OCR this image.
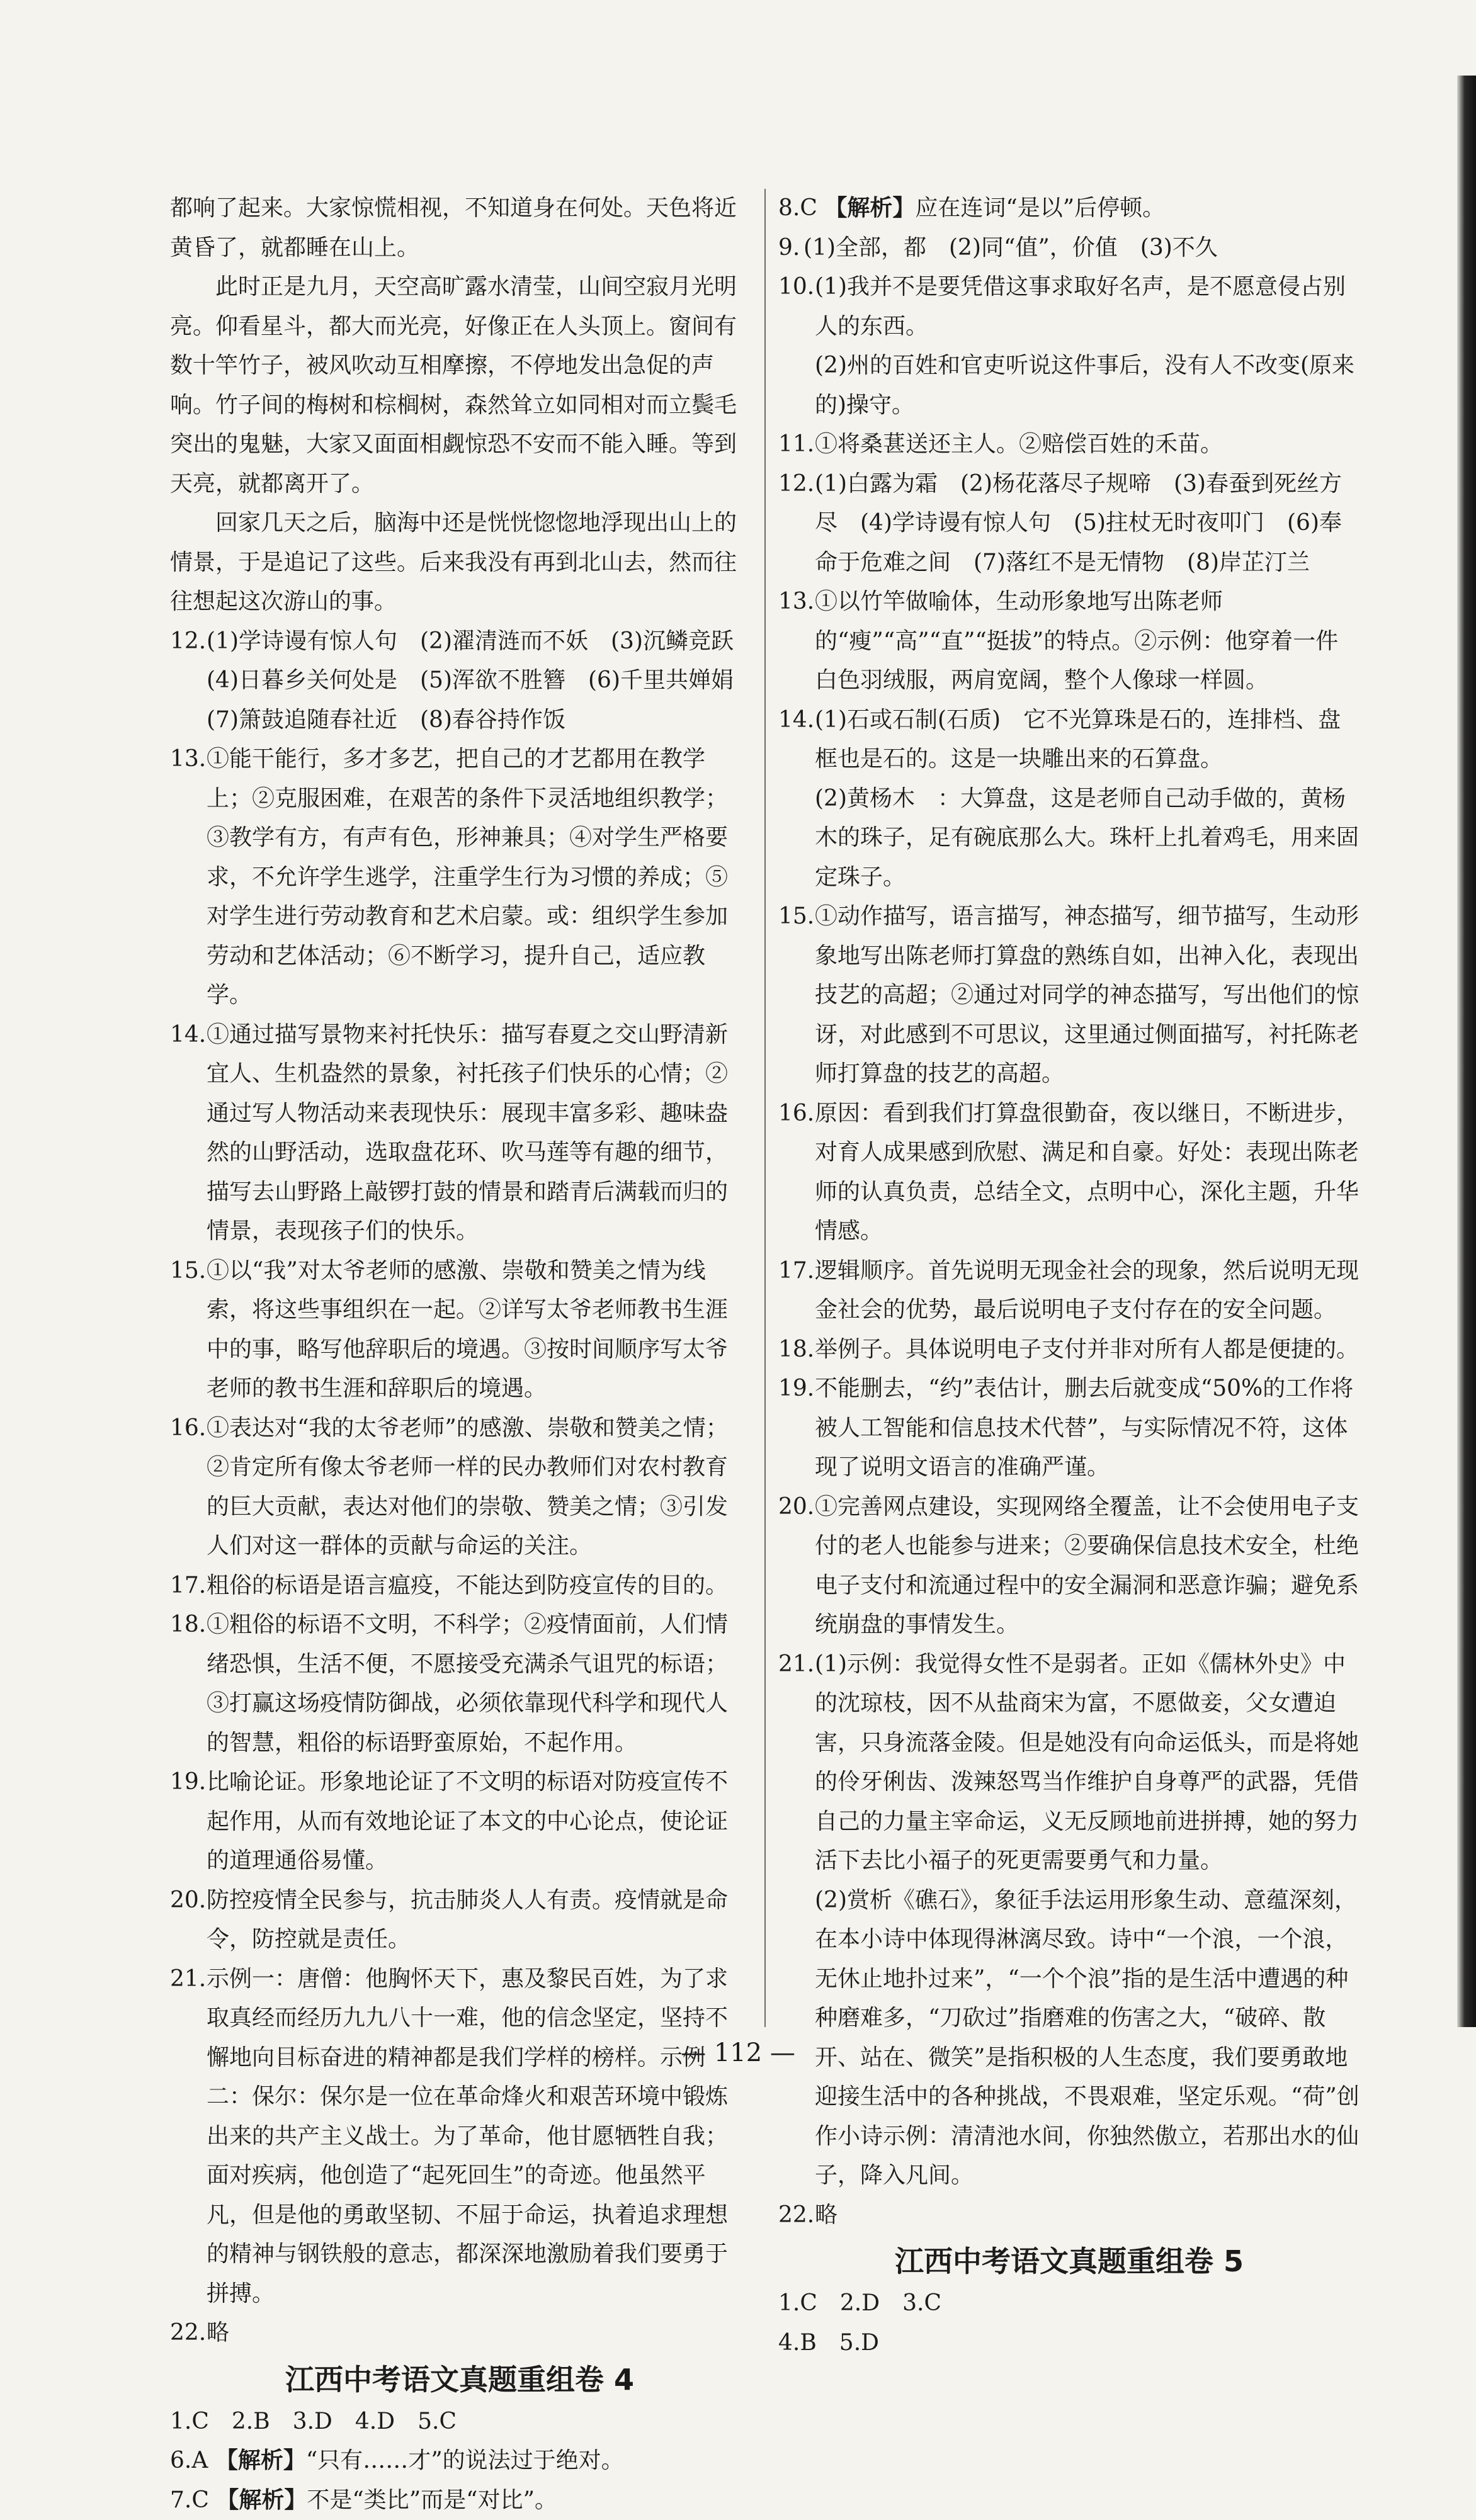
都响了起来。大家惊慌相视，不知道身在何处。天色将近黄昏了，就都睡在山上。

此时正是九月，天空高旷露水清莹，山间空寂月光明亮。仰看星斗，都大而光亮，好像正在人头顶上。窗间有数十竿竹子，被风吹动互相摩擦，不停地发出急促的声响。竹子间的梅树和棕榈树，森然耸立如同相对而立鬓毛突出的鬼魅，大家又面面相觑惊恐不安而不能入睡。等到天亮，就都离开了。

回家几天之后，脑海中还是恍恍惚惚地浮现出山上的情景，于是追记了这些。后来我没有再到北山去，然而往往想起这次游山的事。

12. (1)学诗谩有惊人句　(2)濯清涟而不妖　(3)沉鳞竞跃　(4)日暮乡关何处是　(5)浑欲不胜簪　(6)千里共婵娟　(7)箫鼓追随春社近　(8)春谷持作饭
13. ①能干能行，多才多艺，把自己的才艺都用在教学上；②克服困难，在艰苦的条件下灵活地组织教学；③教学有方，有声有色，形神兼具；④对学生严格要求，不允许学生逃学，注重学生行为习惯的养成；⑤对学生进行劳动教育和艺术启蒙。或：组织学生参加劳动和艺体活动；⑥不断学习，提升自己，适应教学。
14. ①通过描写景物来衬托快乐：描写春夏之交山野清新宜人、生机盎然的景象，衬托孩子们快乐的心情；②通过写人物活动来表现快乐：展现丰富多彩、趣味盎然的山野活动，选取盘花环、吹马莲等有趣的细节，描写去山野路上敲锣打鼓的情景和踏青后满载而归的情景，表现孩子们的快乐。
15. ①以“我”对太爷老师的感激、崇敬和赞美之情为线索，将这些事组织在一起。②详写太爷老师教书生涯中的事，略写他辞职后的境遇。③按时间顺序写太爷老师的教书生涯和辞职后的境遇。
16. ①表达对“我的太爷老师”的感激、崇敬和赞美之情；②肯定所有像太爷老师一样的民办教师们对农村教育的巨大贡献，表达对他们的崇敬、赞美之情；③引发人们对这一群体的贡献与命运的关注。
17. 粗俗的标语是语言瘟疫，不能达到防疫宣传的目的。
18. ①粗俗的标语不文明，不科学；②疫情面前，人们情绪恐惧，生活不便，不愿接受充满杀气诅咒的标语；③打赢这场疫情防御战，必须依靠现代科学和现代人的智慧，粗俗的标语野蛮原始，不起作用。
19. 比喻论证。形象地论证了不文明的标语对防疫宣传不起作用，从而有效地论证了本文的中心论点，使论证的道理通俗易懂。
20. 防控疫情全民参与，抗击肺炎人人有责。疫情就是命令，防控就是责任。
21. 示例一：唐僧：他胸怀天下，惠及黎民百姓，为了求取真经而经历九九八十一难，他的信念坚定，坚持不懈地向目标奋进的精神都是我们学样的榜样。示例二：保尔：保尔是一位在革命烽火和艰苦环境中锻炼出来的共产主义战士。为了革命，他甘愿牺牲自我；面对疾病，他创造了“起死回生”的奇迹。他虽然平凡，但是他的勇敢坚韧、不屈于命运，执着追求理想的精神与钢铁般的意志，都深深地激励着我们要勇于拼搏。
22. 略
江西中考语文真题重组卷 4

1.C　2.B　3.D　4.D　5.C

6.A 【解析】“只有……才”的说法过于绝对。

7.C 【解析】不是“类比”而是“对比”。

8.C 【解析】应在连词“是以”后停顿。

9. (1)全部，都　(2)同“值”，价值　(3)不久

10. (1)我并不是要凭借这事求取好名声，是不愿意侵占别人的东西。

(2)州的百姓和官吏听说这件事后，没有人不改变(原来的)操守。

11. ①将桑葚送还主人。②赔偿百姓的禾苗。

12. (1)白露为霜　(2)杨花落尽子规啼　(3)春蚕到死丝方尽　(4)学诗谩有惊人句　(5)拄杖无时夜叩门　(6)奉命于危难之间　(7)落红不是无情物　(8)岸芷汀兰

13. ①以竹竿做喻体，生动形象地写出陈老师的“瘦”“高”“直”“挺拔”的特点。②示例：他穿着一件白色羽绒服，两肩宽阔，整个人像球一样圆。

14. (1)石或石制(石质)　它不光算珠是石的，连排档、盘框也是石的。这是一块雕出来的石算盘。

(2)黄杨木　：大算盘，这是老师自己动手做的，黄杨木的珠子，足有碗底那么大。珠杆上扎着鸡毛，用来固定珠子。

15. ①动作描写，语言描写，神态描写，细节描写，生动形象地写出陈老师打算盘的熟练自如，出神入化，表现出技艺的高超；②通过对同学的神态描写，写出他们的惊讶，对此感到不可思议，这里通过侧面描写，衬托陈老师打算盘的技艺的高超。

16. 原因：看到我们打算盘很勤奋，夜以继日，不断进步，对育人成果感到欣慰、满足和自豪。好处：表现出陈老师的认真负责，总结全文，点明中心，深化主题，升华情感。

17. 逻辑顺序。首先说明无现金社会的现象，然后说明无现金社会的优势，最后说明电子支付存在的安全问题。

18. 举例子。具体说明电子支付并非对所有人都是便捷的。

19. 不能删去，“约”表估计，删去后就变成“50%的工作将被人工智能和信息技术代替”，与实际情况不符，这体现了说明文语言的准确严谨。

20. ①完善网点建设，实现网络全覆盖，让不会使用电子支付的老人也能参与进来；②要确保信息技术安全，杜绝电子支付和流通过程中的安全漏洞和恶意诈骗；避免系统崩盘的事情发生。

21. (1)示例：我觉得女性不是弱者。正如《儒林外史》中的沈琼枝，因不从盐商宋为富，不愿做妾，父女遭迫害，只身流落金陵。但是她没有向命运低头，而是将她的伶牙俐齿、泼辣怒骂当作维护自身尊严的武器，凭借自己的力量主宰命运，义无反顾地前进拼搏，她的努力活下去比小福子的死更需要勇气和力量。

(2)赏析《礁石》，象征手法运用形象生动、意蕴深刻，在本小诗中体现得淋漓尽致。诗中“一个浪，一个浪，无休止地扑过来”，“一个个浪”指的是生活中遭遇的种种磨难多，“刀砍过”指磨难的伤害之大，“破碎、散开、站在、微笑”是指积极的人生态度，我们要勇敢地迎接生活中的各种挑战，不畏艰难，坚定乐观。“荷”创作小诗示例：清清池水间，你独然傲立，若那出水的仙子，降入凡间。

22. 略

江西中考语文真题重组卷 5

1.C　2.D　3.C

4.B　5.D

— 112 —
